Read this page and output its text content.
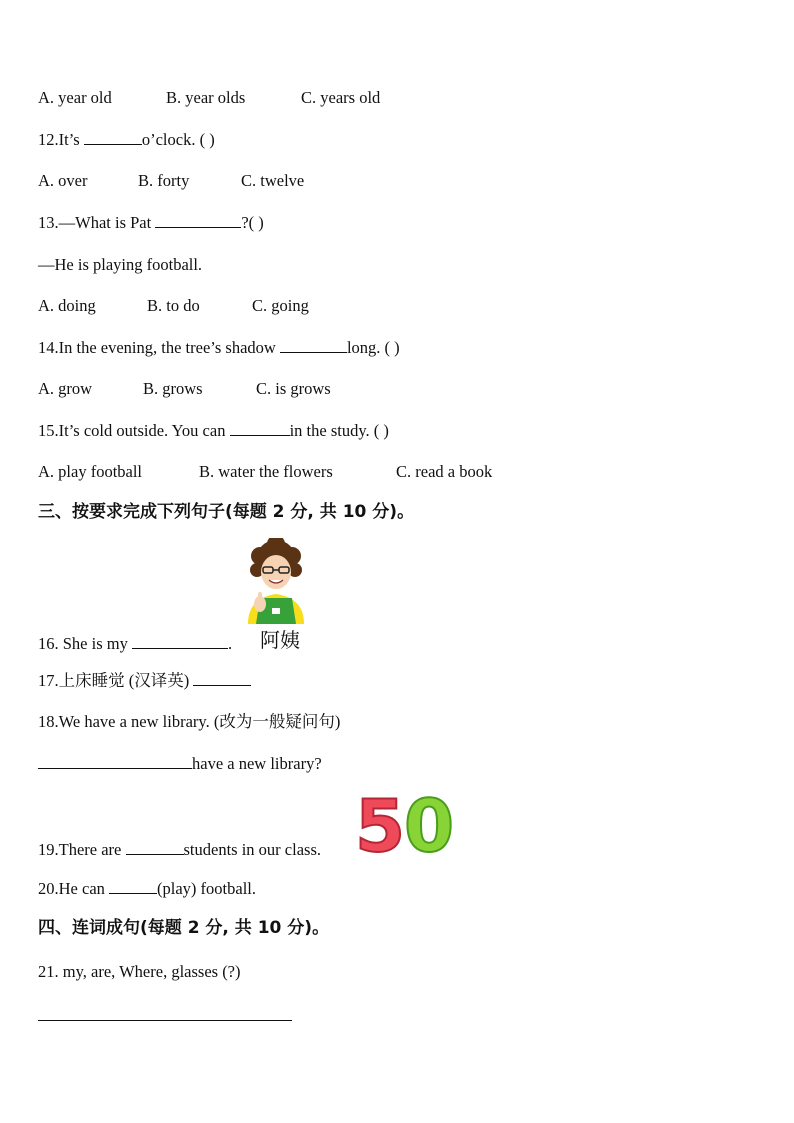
A. year old	B. year olds	C. years old
12.It’s	o’clock. ( )
A. over	B. forty	C. twelve
13.—What is Pat	?( )
—He is playing football.
A. doing	B. to do	C. going
14.In the evening, the tree’s shadow	long. ( )
A. grow	B. grows	C. is grows
15.It’s cold outside. You can	in the study. ( )
A. play football	B. water the flowers	C. read a book
三、按要求完成下列句子(每题 2 分, 共 10 分)。
阿姨
16. She is my	.
17.上床睡觉 (汉译英)
18.We have a new library. (改为一般疑问句)
have a new library?
5
0
19.There are	students in our class.
20.He can	(play) football.
四、连词成句(每题 2 分, 共 10 分)。
21. my, are, Where, glasses (?)
